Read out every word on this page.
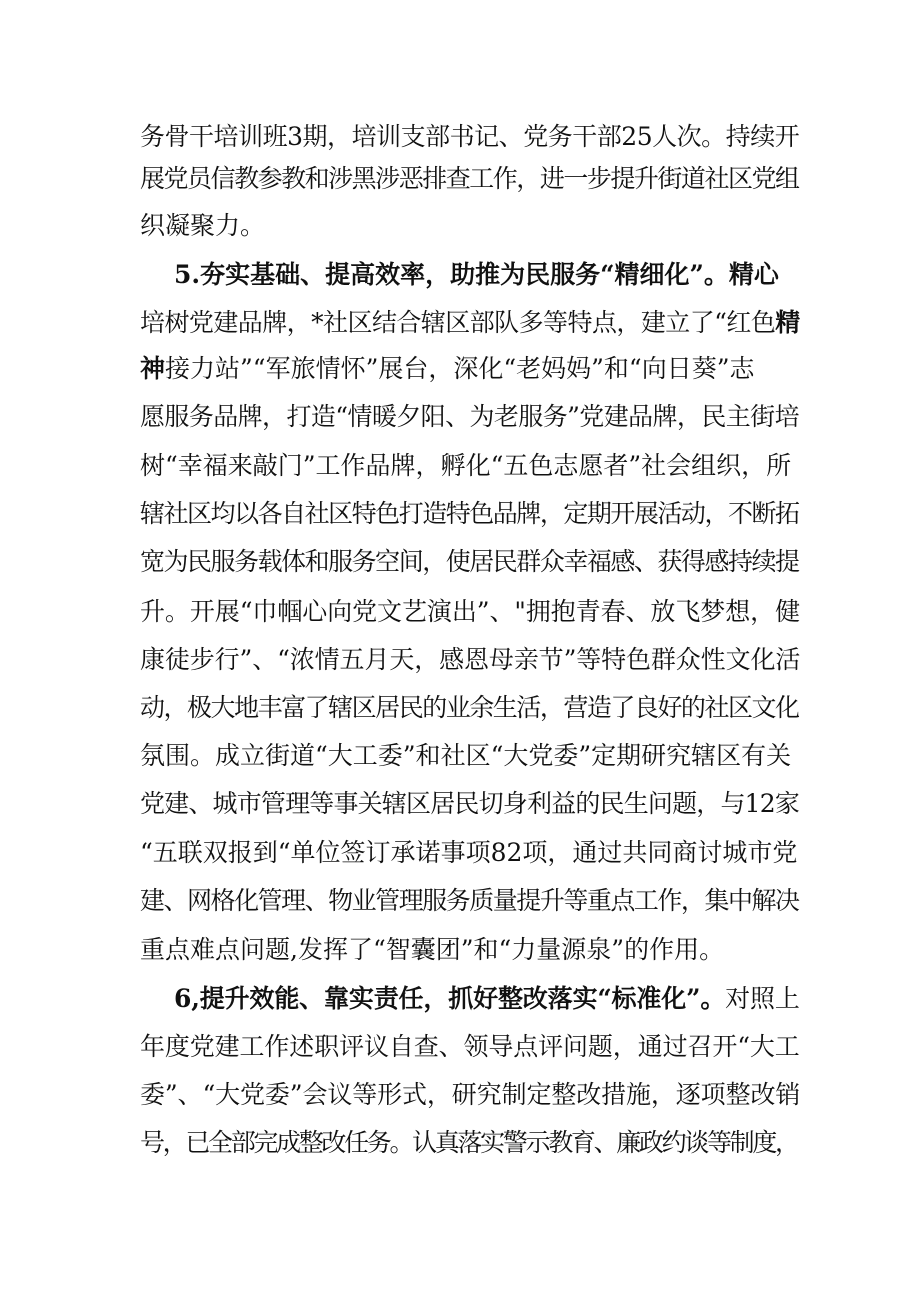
务骨干培训班3期，培训支部书记、党务干部25人次。持续开
展党员信教参教和涉黑涉恶排查工作，进一步提升街道社区党组
织凝聚力。
5.夯实基础、提高效率，助推为民服务“精细化”。精心
培树党建品牌，*社区结合辖区部队多等特点，建立了“红色精
神接力站”“军旅情怀”展台，深化“老妈妈”和“向日葵”志
愿服务品牌，打造“情暖夕阳、为老服务”党建品牌，民主街培
树“幸福来敲门”工作品牌，孵化“五色志愿者”社会组织，所
辖社区均以各自社区特色打造特色品牌，定期开展活动，不断拓
宽为民服务载体和服务空间，使居民群众幸福感、获得感持续提
升。开展“巾帼心向党文艺演出”、"拥抱青春、放飞梦想，健
康徒步行”、“浓情五月天，感恩母亲节”等特色群众性文化活
动，极大地丰富了辖区居民的业余生活，营造了良好的社区文化
氛围。成立街道“大工委”和社区“大党委”定期研究辖区有关
党建、城市管理等事关辖区居民切身利益的民生问题，与12家
“五联双报到“单位签订承诺事项82项，通过共同商讨城市党
建、网格化管理、物业管理服务质量提升等重点工作，集中解决
重点难点问题,发挥了“智囊团”和“力量源泉”的作用。
6,提升效能、靠实责任，抓好整改落实“标准化”。对照上
年度党建工作述职评议自查、领导点评问题，通过召开“大工
委”、“大党委”会议等形式，研究制定整改措施，逐项整改销
号，已全部完成整改任务。认真落实警示教育、廉政约谈等制度，
